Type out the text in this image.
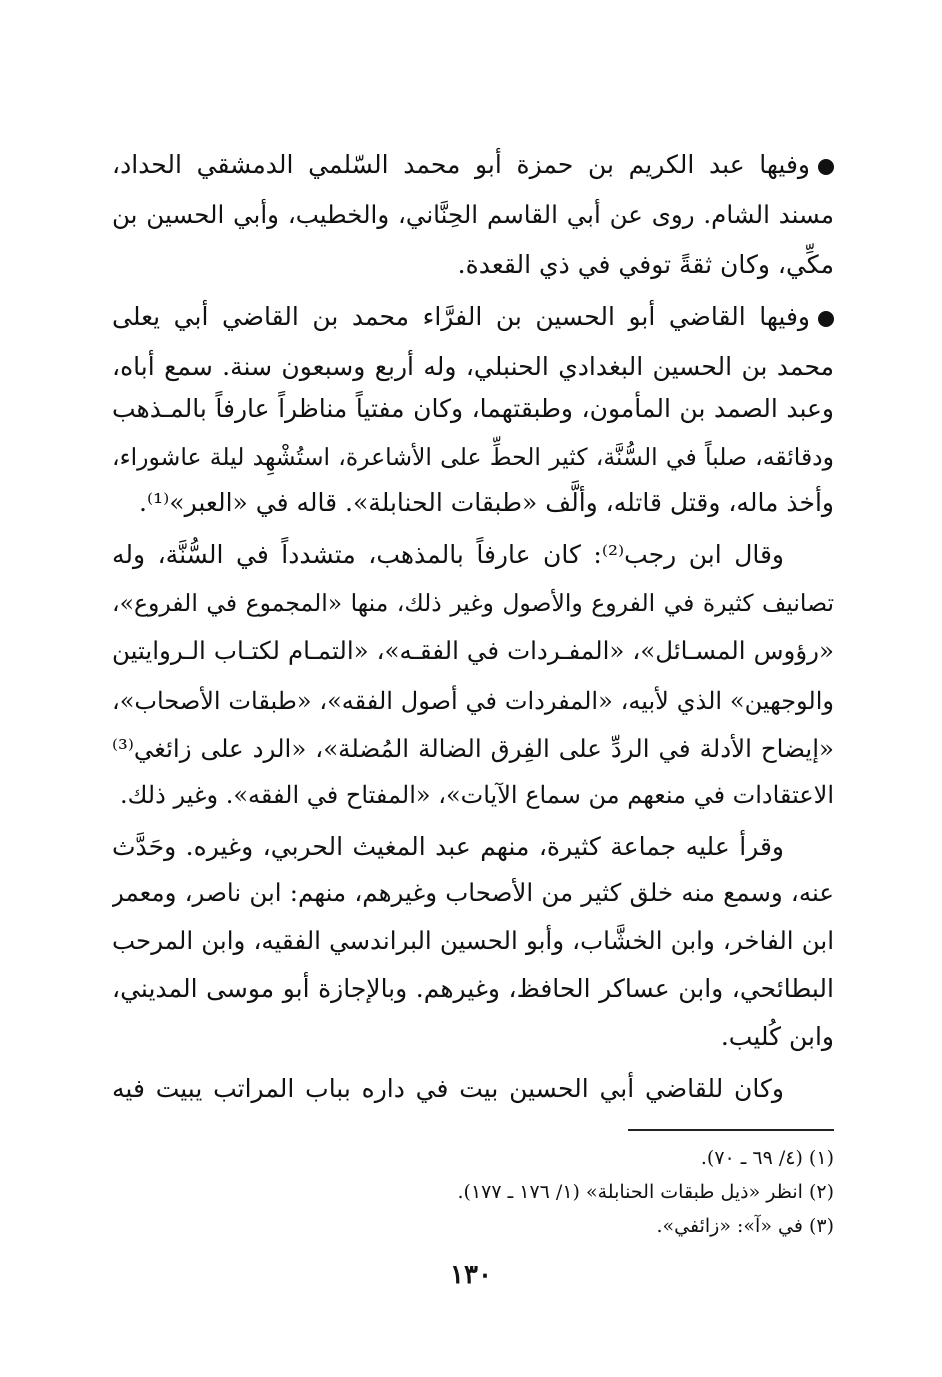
وفيها عبد الكريم بن حمزة أبو محمد السّلمي الدمشقي الحداد،
مسند الشام. روى عن أبي القاسم الحِنَّاني، والخطيب، وأبي الحسين بن
مكِّي، وكان ثقةً توفي في ذي القعدة.
وفيها القاضي أبو الحسين بن الفرَّاء محمد بن القاضي أبي يعلى
محمد بن الحسين البغدادي الحنبلي، وله أربع وسبعون سنة. سمع أباه،
وعبد الصمد بن المأمون، وطبقتهما، وكان مفتياً مناظراً عارفاً بالمـذهب
ودقائقه، صلباً في السُّنَّة، كثير الحطِّ على الأشاعرة، استُشْهِد ليلة عاشوراء،
وأخذ ماله، وقتل قاتله، وألَّف «طبقات الحنابلة». قاله في «العبر»⁽¹⁾.
وقال ابن رجب⁽²⁾: كان عارفاً بالمذهب، متشدداً في السُّنَّة، وله
تصانيف كثيرة في الفروع والأصول وغير ذلك، منها «المجموع في الفروع»،
«رؤوس المسـائل»، «المفـردات في الفقـه»، «التمـام لكتـاب الـروايتين
والوجهين» الذي لأبيه، «المفردات في أصول الفقه»، «طبقات الأصحاب»،
«إيضاح الأدلة في الردِّ على الفِرق الضالة المُضلة»، «الرد على زائغي⁽³⁾
الاعتقادات في منعهم من سماع الآيات»، «المفتاح في الفقه». وغير ذلك.
وقرأ عليه جماعة كثيرة، منهم عبد المغيث الحربي، وغيره. وحَدَّث
عنه، وسمع منه خلق كثير من الأصحاب وغيرهم، منهم: ابن ناصر، ومعمر
ابن الفاخر، وابن الخشَّاب، وأبو الحسين البراندسي الفقيه، وابن المرحب
البطائحي، وابن عساكر الحافظ، وغيرهم. وبالإجازة أبو موسى المديني،
وابن كُليب.
وكان للقاضي أبي الحسين بيت في داره بباب المراتب يبيت فيه
(١) (٤/ ٦٩ ـ ٧٠).
(٢) انظر «ذيل طبقات الحنابلة» (١/ ١٧٦ ـ ١٧٧).
(٣) في «آ»: «زائفي».
١٣٠
